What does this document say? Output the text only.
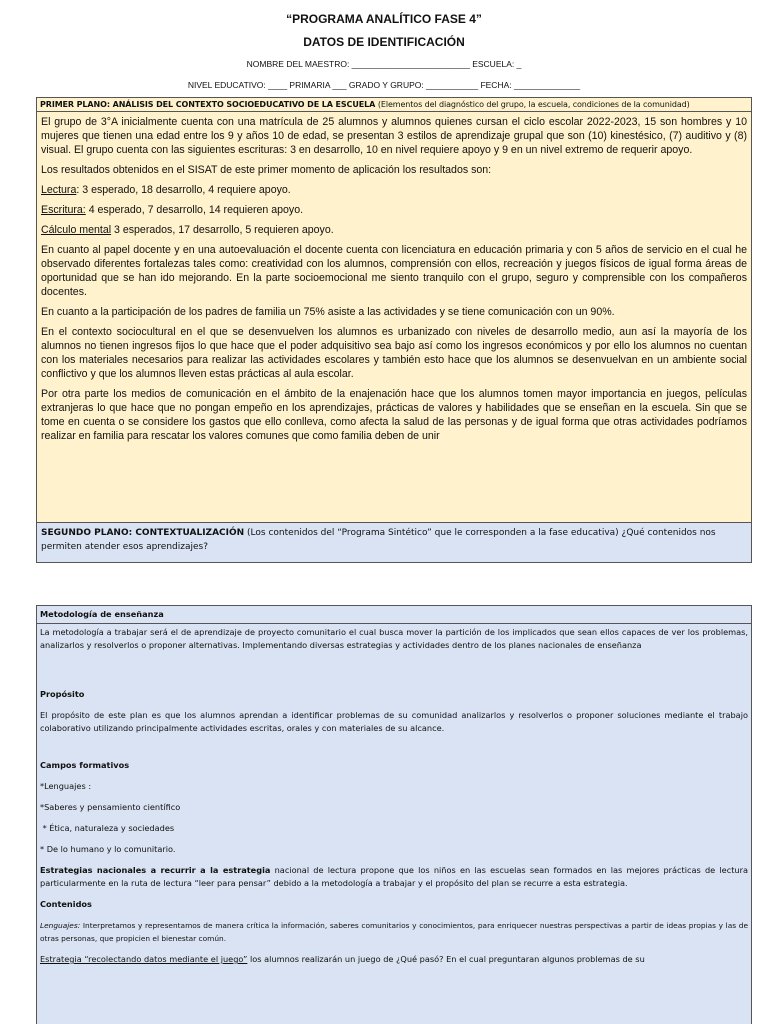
“PROGRAMA ANALÍTICO FASE 4”
DATOS DE IDENTIFICACIÓN
NOMBRE DEL MAESTRO: _________________________ ESCUELA: _
NIVEL EDUCATIVO: ____ PRIMARIA ___ GRADO Y GRUPO: ___________ FECHA: ______________
PRIMER PLANO: ANÁLISIS DEL CONTEXTO SOCIOEDUCATIVO DE LA ESCUELA (Elementos del diagnóstico del grupo, la escuela, condiciones de la comunidad)

El grupo de 3°A inicialmente cuenta con una matrícula de 25 alumnos y alumnos quienes cursan el ciclo escolar 2022-2023, 15 son hombres y 10 mujeres que tienen una edad entre los 9 y años 10 de edad, se presentan 3 estilos de aprendizaje grupal que son (10) kinestésico, (7) auditivo y (8) visual. El grupo cuenta con las siguientes escrituras: 3 en desarrollo, 10 en nivel requiere apoyo y 9 en un nivel extremo de requerir apoyo.

Los resultados obtenidos en el SISAT de este primer momento de aplicación los resultados son:

Lectura: 3 esperado, 18 desarrollo, 4 requiere apoyo.

Escritura: 4 esperado, 7 desarrollo, 14 requieren apoyo.

Cálculo mental 3 esperados, 17 desarrollo, 5 requieren apoyo.

En cuanto al papel docente y en una autoevaluación el docente cuenta con licenciatura en educación primaria y con 5 años de servicio en el cual he observado diferentes fortalezas tales como: creatividad con los alumnos, comprensión con ellos, recreación y juegos físicos de igual forma áreas de oportunidad que se han ido mejorando. En la parte socioemocional me siento tranquilo con el grupo, seguro y comprensible con los compañeros docentes.

En cuanto a la participación de los padres de familia un 75% asiste a las actividades y se tiene comunicación con un 90%.

En el contexto sociocultural en el que se desenvuelven los alumnos es urbanizado con niveles de desarrollo medio, aun así la mayoría de los alumnos no tienen ingresos fijos lo que hace que el poder adquisitivo sea bajo así como los ingresos económicos y por ello los alumnos no cuentan con los materiales necesarios para realizar las actividades escolares y también esto hace que los alumnos se desenvuelvan en un ambiente social conflictivo y que los alumnos lleven estas prácticas al aula escolar.

Por otra parte los medios de comunicación en el ámbito de la enajenación hace que los alumnos tomen mayor importancia en juegos, películas extranjeras lo que hace que no pongan empeño en los aprendizajes, prácticas de valores y habilidades que se enseñan en la escuela. Sin que se tome en cuenta o se considere los gastos que ello conlleva, como afecta la salud de las personas y de igual forma que otras actividades podríamos realizar en familia para rescatar los valores comunes que como familia deben de unir

SEGUNDO PLANO: CONTEXTUALIZACIÓN (Los contenidos del “Programa Sintético” que le corresponden a la fase educativa) ¿Qué contenidos nos permiten atender esos aprendizajes?
Metodología de enseñanza

La metodología a trabajar será el de aprendizaje de proyecto comunitario el cual busca mover la partición de los implicados que sean ellos capaces de ver los problemas, analizarlos y resolverlos o proponer alternativas. Implementando diversas estrategias y actividades dentro de los planes nacionales de enseñanza

Propósito

El propósito de este plan es que los alumnos aprendan a identificar problemas de su comunidad analizarlos y resolverlos o proponer soluciones mediante el trabajo colaborativo utilizando principalmente actividades escritas, orales y con materiales de su alcance.

Campos formativos

*Lenguajes :

*Saberes y pensamiento científico

* Ética, naturaleza y sociedades

* De lo humano y lo comunitario.

Estrategias nacionales a recurrir a la estrategia nacional de lectura propone que los niños en las escuelas sean formados en las mejores prácticas de lectura particularmente en la ruta de lectura “leer para pensar” debido a la metodología a trabajar y el propósito del plan se recurre a esta estrategia.

Contenidos

Lenguajes: Interpretamos y representamos de manera crítica la información, saberes comunitarios y conocimientos, para enriquecer nuestras perspectivas a partir de ideas propias y las de otras personas, que propicien el bienestar común.

Estrategia “recolectando datos mediante el juego” los alumnos realizarán un juego de ¿Qué pasó? En el cual preguntaran algunos problemas de su
